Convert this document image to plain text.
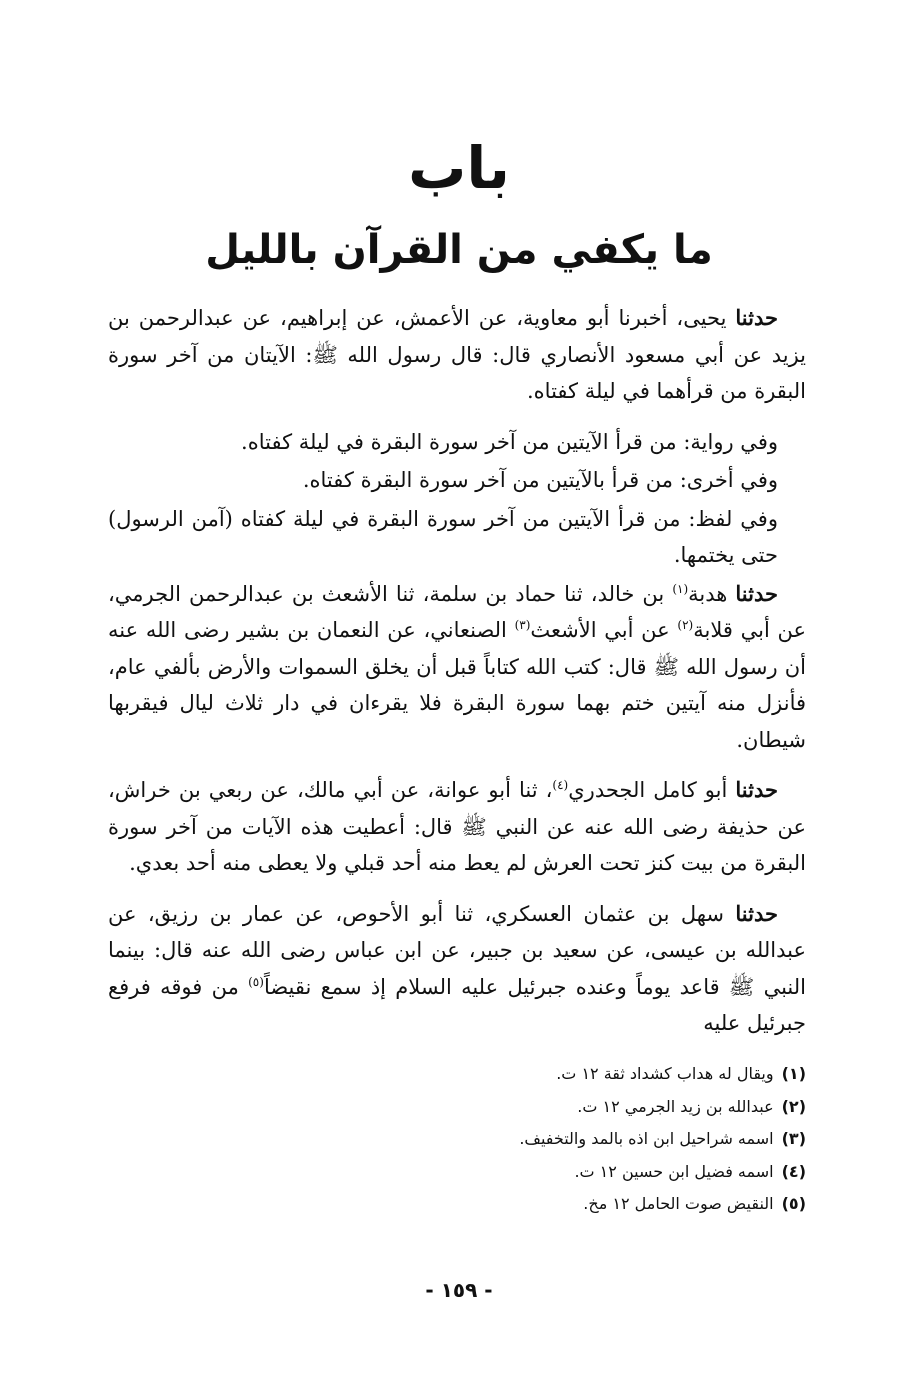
باب
ما يكفي من القرآن بالليل

حدثنا يحيى، أخبرنا أبو معاوية، عن الأعمش، عن إبراهيم، عن عبدالرحمن بن يزيد عن أبي مسعود الأنصاري قال: قال رسول الله ﷺ: الآيتان من آخر سورة البقرة من قرأهما في ليلة كفتاه.

وفي رواية: من قرأ الآيتين من آخر سورة البقرة في ليلة كفتاه.

وفي أخرى: من قرأ بالآيتين من آخر سورة البقرة كفتاه.

وفي لفظ: من قرأ الآيتين من آخر سورة البقرة في ليلة كفتاه (آمن الرسول) حتى يختمها.

حدثنا هدبة$^{(١)}$ بن خالد، ثنا حماد بن سلمة، ثنا الأشعث بن عبدالرحمن الجرمي، عن أبي قلابة$^{(٢)}$ عن أبي الأشعث$^{(٣)}$ الصنعاني، عن النعمان بن بشير رضى الله عنه أن رسول الله ﷺ قال: كتب الله كتاباً قبل أن يخلق السموات والأرض بألفي عام، فأنزل منه آيتين ختم بهما سورة البقرة فلا يقرءان في دار ثلاث ليال فيقربها شيطان.

حدثنا أبو كامل الجحدري$^{(٤)}$، ثنا أبو عوانة، عن أبي مالك، عن ربعي بن خراش، عن حذيفة رضى الله عنه عن النبي ﷺ قال: أعطيت هذه الآيات من آخر سورة البقرة من بيت كنز تحت العرش لم يعط منه أحد قبلي ولا يعطى منه أحد بعدي.

حدثنا سهل بن عثمان العسكري، ثنا أبو الأحوص، عن عمار بن رزيق، عن عبدالله بن عيسى، عن سعيد بن جبير، عن ابن عباس رضى الله عنه قال: بينما النبي ﷺ قاعد يوماً وعنده جبرئيل عليه السلام إذ سمع نقيضاً$^{(٥)}$ من فوقه فرفع جبرئيل عليه

(١)ويقال له هداب كشداد ثقة ١٢ ت.
(٢)عبدالله بن زيد الجرمي ١٢ ت.
(٣)اسمه شراحيل ابن اذه بالمد والتخفيف.
(٤)اسمه فضيل ابن حسين ١٢ ت.
(٥)النقيض صوت الحامل ١٢ مخ.
- ١٥٩ -
